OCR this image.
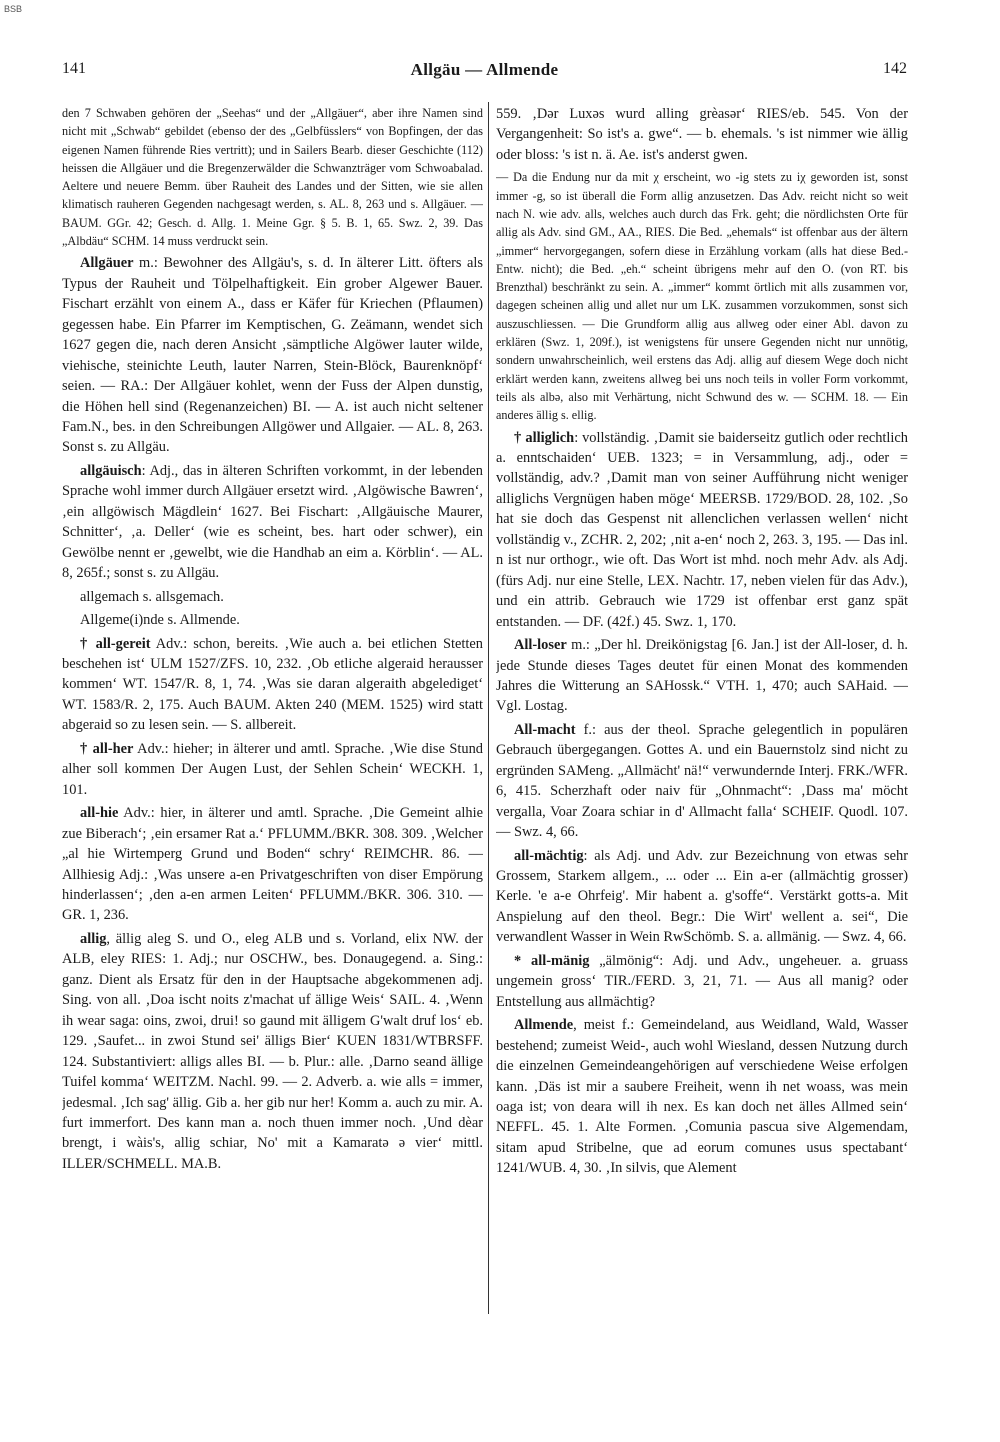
BSB
141	Allgäu — Allmende	142

den 7 Schwaben gehören der „Seehas“ und der „Allgäuer“, aber ihre Namen sind nicht mit „Schwab“ gebildet (ebenso der des „Gelbfüsslers“ von Bopfingen, der das eigenen Namen führende Ries vertritt); und in Sailers Bearb. dieser Geschichte (112) heissen die Allgäuer und die Bregenzerwälder die Schwanzträger vom Schwoabalad. Aeltere und neuere Bemm. über Rauheit des Landes und der Sitten, wie sie allen klimatisch rauheren Gegenden nachgesagt werden, s. AL. 8, 263 und s. Allgäuer. — BAUM. GGr. 42; Gesch. d. Allg. 1. Meine Ggr. § 5. B. 1, 65. Swz. 2, 39. Das „Albdäu“ SCHM. 14 muss verdruckt sein.

Allgäuer m.: Bewohner des Allgäu's, s. d. In älterer Litt. öfters als Typus der Rauheit und Tölpelhaftigkeit. Ein grober Algewer Bauer. Fischart erzählt von einem A., dass er Käfer für Kriechen (Pflaumen) gegessen habe. Ein Pfarrer im Kemptischen, G. Zeämann, wendet sich 1627 gegen die, nach deren Ansicht ‚sämptliche Algöwer lauter wilde, viehische, steinichte Leuth, lauter Narren, Stein-Blöck, Baurenknöpf‘ seien. — RA.: Der Allgäuer kohlet, wenn der Fuss der Alpen dunstig, die Höhen hell sind (Regenanzeichen) BI. — A. ist auch nicht seltener Fam.N., bes. in den Schreibungen Allgöwer und Allgaier. — AL. 8, 263. Sonst s. zu Allgäu.

allgäuisch: Adj., das in älteren Schriften vorkommt, in der lebenden Sprache wohl immer durch Allgäuer ersetzt wird. ‚Algöwische Bawren‘, ‚ein allgöwisch Mägdlein‘ 1627. Bei Fischart: ‚Allgäuische Maurer, Schnitter‘, ‚a. Deller‘ (wie es scheint, bes. hart oder schwer), ein Gewölbe nennt er ‚gewelbt, wie die Handhab an eim a. Körblin‘. — AL. 8, 265f.; sonst s. zu Allgäu.

allgemach s. allsgemach.

Allgeme(i)nde s. Allmende.

† all-gereit Adv.: schon, bereits. ‚Wie auch a. bei etlichen Stetten beschehen ist‘ ULM 1527/ZFS. 10, 232. ‚Ob etliche algeraid herausser kommen‘ WT. 1547/R. 8, 1, 74. ‚Was sie daran algeraith abgelediget‘ WT. 1583/R. 2, 175. Auch BAUM. Akten 240 (MEM. 1525) wird statt abgeraid so zu lesen sein. — S. allbereit.

† all-her Adv.: hieher; in älterer und amtl. Sprache. ‚Wie dise Stund alher soll kommen Der Augen Lust, der Sehlen Schein‘ WECKH. 1, 101.

all-hie Adv.: hier, in älterer und amtl. Sprache. ‚Die Gemeint alhie zue Biberach‘; ‚ein ersamer Rat a.‘ PFLUMM./BKR. 308. 309. ‚Welcher „al hie Wirtemperg Grund und Boden“ schry‘ REIMCHR. 86. — Allhiesig Adj.: ‚Was unsere a-en Privatgeschriften von diser Empörung hinderlassen‘; ‚den a-en armen Leiten‘ PFLUMM./BKR. 306. 310. — GR. 1, 236.

allig, ällig aleg S. und O., eleg ALB und s. Vorland, elix NW. der ALB, eley RIES: 1. Adj.; nur OSCHW., bes. Donaugegend. a. Sing.: ganz. Dient als Ersatz für den in der Hauptsache abgekommenen adj. Sing. von all. ‚Doa ischt noits z'machat uf ällige Weis‘ SAIL. 4. ‚Wenn ih wear saga: oins, zwoi, drui! so gaund mit älligem G'walt druf los‘ eb. 129. ‚Saufet... in zwoi Stund sei' älligs Bier‘ KUEN 1831/WTBRSFF. 124. Substantiviert: alligs alles BI. — b. Plur.: alle. ‚Darno seand ällige Tuifel komma‘ WEITZM. Nachl. 99. — 2. Adverb. a. wie alls = immer, jedesmal. ‚Ich sag' ällig. Gib a. her gib nur her! Komm a. auch zu mir. A. furt immerfort. Des kann man a. noch thuen immer noch. ‚Und dèar brengt, i wàis's, allig schiar, No' mit a Kamaratə ə vier‘ mittl. ILLER/SCHMELL. MA.B.

559. ‚Dər Luxəs wurd alling grèasər‘ RIES/eb. 545. Von der Vergangenheit: So ist's a. gwe“. — b. ehemals. 's ist nimmer wie ällig oder bloss: 's ist n. ä. Ae. ist's anderst gwen.

— Da die Endung nur da mit χ erscheint, wo -ig stets zu iχ geworden ist, sonst immer -g, so ist überall die Form allig anzusetzen. Das Adv. reicht nicht so weit nach N. wie adv. alls, welches auch durch das Frk. geht; die nördlichsten Orte für allig als Adv. sind GM., AA., RIES. Die Bed. „ehemals“ ist offenbar aus der ältern „immer“ hervorgegangen, sofern diese in Erzählung vorkam (alls hat diese Bed.-Entw. nicht); die Bed. „eh.“ scheint übrigens mehr auf den O. (von RT. bis Brenzthal) beschränkt zu sein. A. „immer“ kommt örtlich mit alls zusammen vor, dagegen scheinen allig und allet nur um LK. zusammen vorzukommen, sonst sich auszuschliessen. — Die Grundform allig aus allweg oder einer Abl. davon zu erklären (Swz. 1, 209f.), ist wenigstens für unsere Gegenden nicht nur unnötig, sondern unwahrscheinlich, weil erstens das Adj. allig auf diesem Wege doch nicht erklärt werden kann, zweitens allweg bei uns noch teils in voller Form vorkommt, teils als albə, also mit Verhärtung, nicht Schwund des w. — SCHM. 18. — Ein anderes ällig s. ellig.

† alliglich: vollständig. ‚Damit sie baiderseitz gutlich oder rechtlich a. enntschaiden‘ UEB. 1323; = in Versammlung, adj., oder = vollständig, adv.? ‚Damit man von seiner Aufführung nicht weniger alliglichs Vergnügen haben möge‘ MEERSB. 1729/BOD. 28, 102. ‚So hat sie doch das Gespenst nit allenclichen verlassen wellen‘ nicht vollständig v., ZCHR. 2, 202; ‚nit a-en‘ noch 2, 263. 3, 195. — Das inl. n ist nur orthogr., wie oft. Das Wort ist mhd. noch mehr Adv. als Adj. (fürs Adj. nur eine Stelle, LEX. Nachtr. 17, neben vielen für das Adv.), und ein attrib. Gebrauch wie 1729 ist offenbar erst ganz spät entstanden. — DF. (42f.) 45. Swz. 1, 170.

All-loser m.: „Der hl. Dreikönigstag [6. Jan.] ist der All-loser, d. h. jede Stunde dieses Tages deutet für einen Monat des kommenden Jahres die Witterung an SAHossk.“ VTH. 1, 470; auch SAHaid. — Vgl. Lostag.

All-macht f.: aus der theol. Sprache gelegentlich in populären Gebrauch übergegangen. Gottes A. und ein Bauernstolz sind nicht zu ergründen SAMeng. „Allmächt' nä!“ verwundernde Interj. FRK./WFR. 6, 415. Scherzhaft oder naiv für „Ohnmacht“: ‚Dass ma' möcht vergalla, Voar Zoara schiar in d' Allmacht falla‘ SCHEIF. Quodl. 107. — Swz. 4, 66.

all-mächtig: als Adj. und Adv. zur Bezeichnung von etwas sehr Grossem, Starkem allgem., ... oder ... Ein a-er (allmächtig grosser) Kerle. 'e a-e Ohrfeig'. Mir habent a. g'soffe“. Verstärkt gotts-a. Mit Anspielung auf den theol. Begr.: Die Wirt' wellent a. sei“, Die verwandlent Wasser in Wein RwSchömb. S. a. allmänig. — Swz. 4, 66.

* all-mänig „älmönig“: Adj. und Adv., ungeheuer. a. gruass ungemein gross‘ TIR./FERD. 3, 21, 71. — Aus all manig? oder Entstellung aus allmächtig?

Allmende, meist f.: Gemeindeland, aus Weidland, Wald, Wasser bestehend; zumeist Weid-, auch wohl Wiesland, dessen Nutzung durch die einzelnen Gemeindeangehörigen auf verschiedene Weise erfolgen kann. ‚Däs ist mir a saubere Freiheit, wenn ih net woass, was mein oaga ist; von deara will ih nex. Es kan doch net älles Allmed sein‘ NEFFL. 45. 1. Alte Formen. ‚Comunia pascua sive Algemendam, sitam apud Stribelne, que ad eorum comunes usus spectabant‘ 1241/WUB. 4, 30. ‚In silvis, que Alement
